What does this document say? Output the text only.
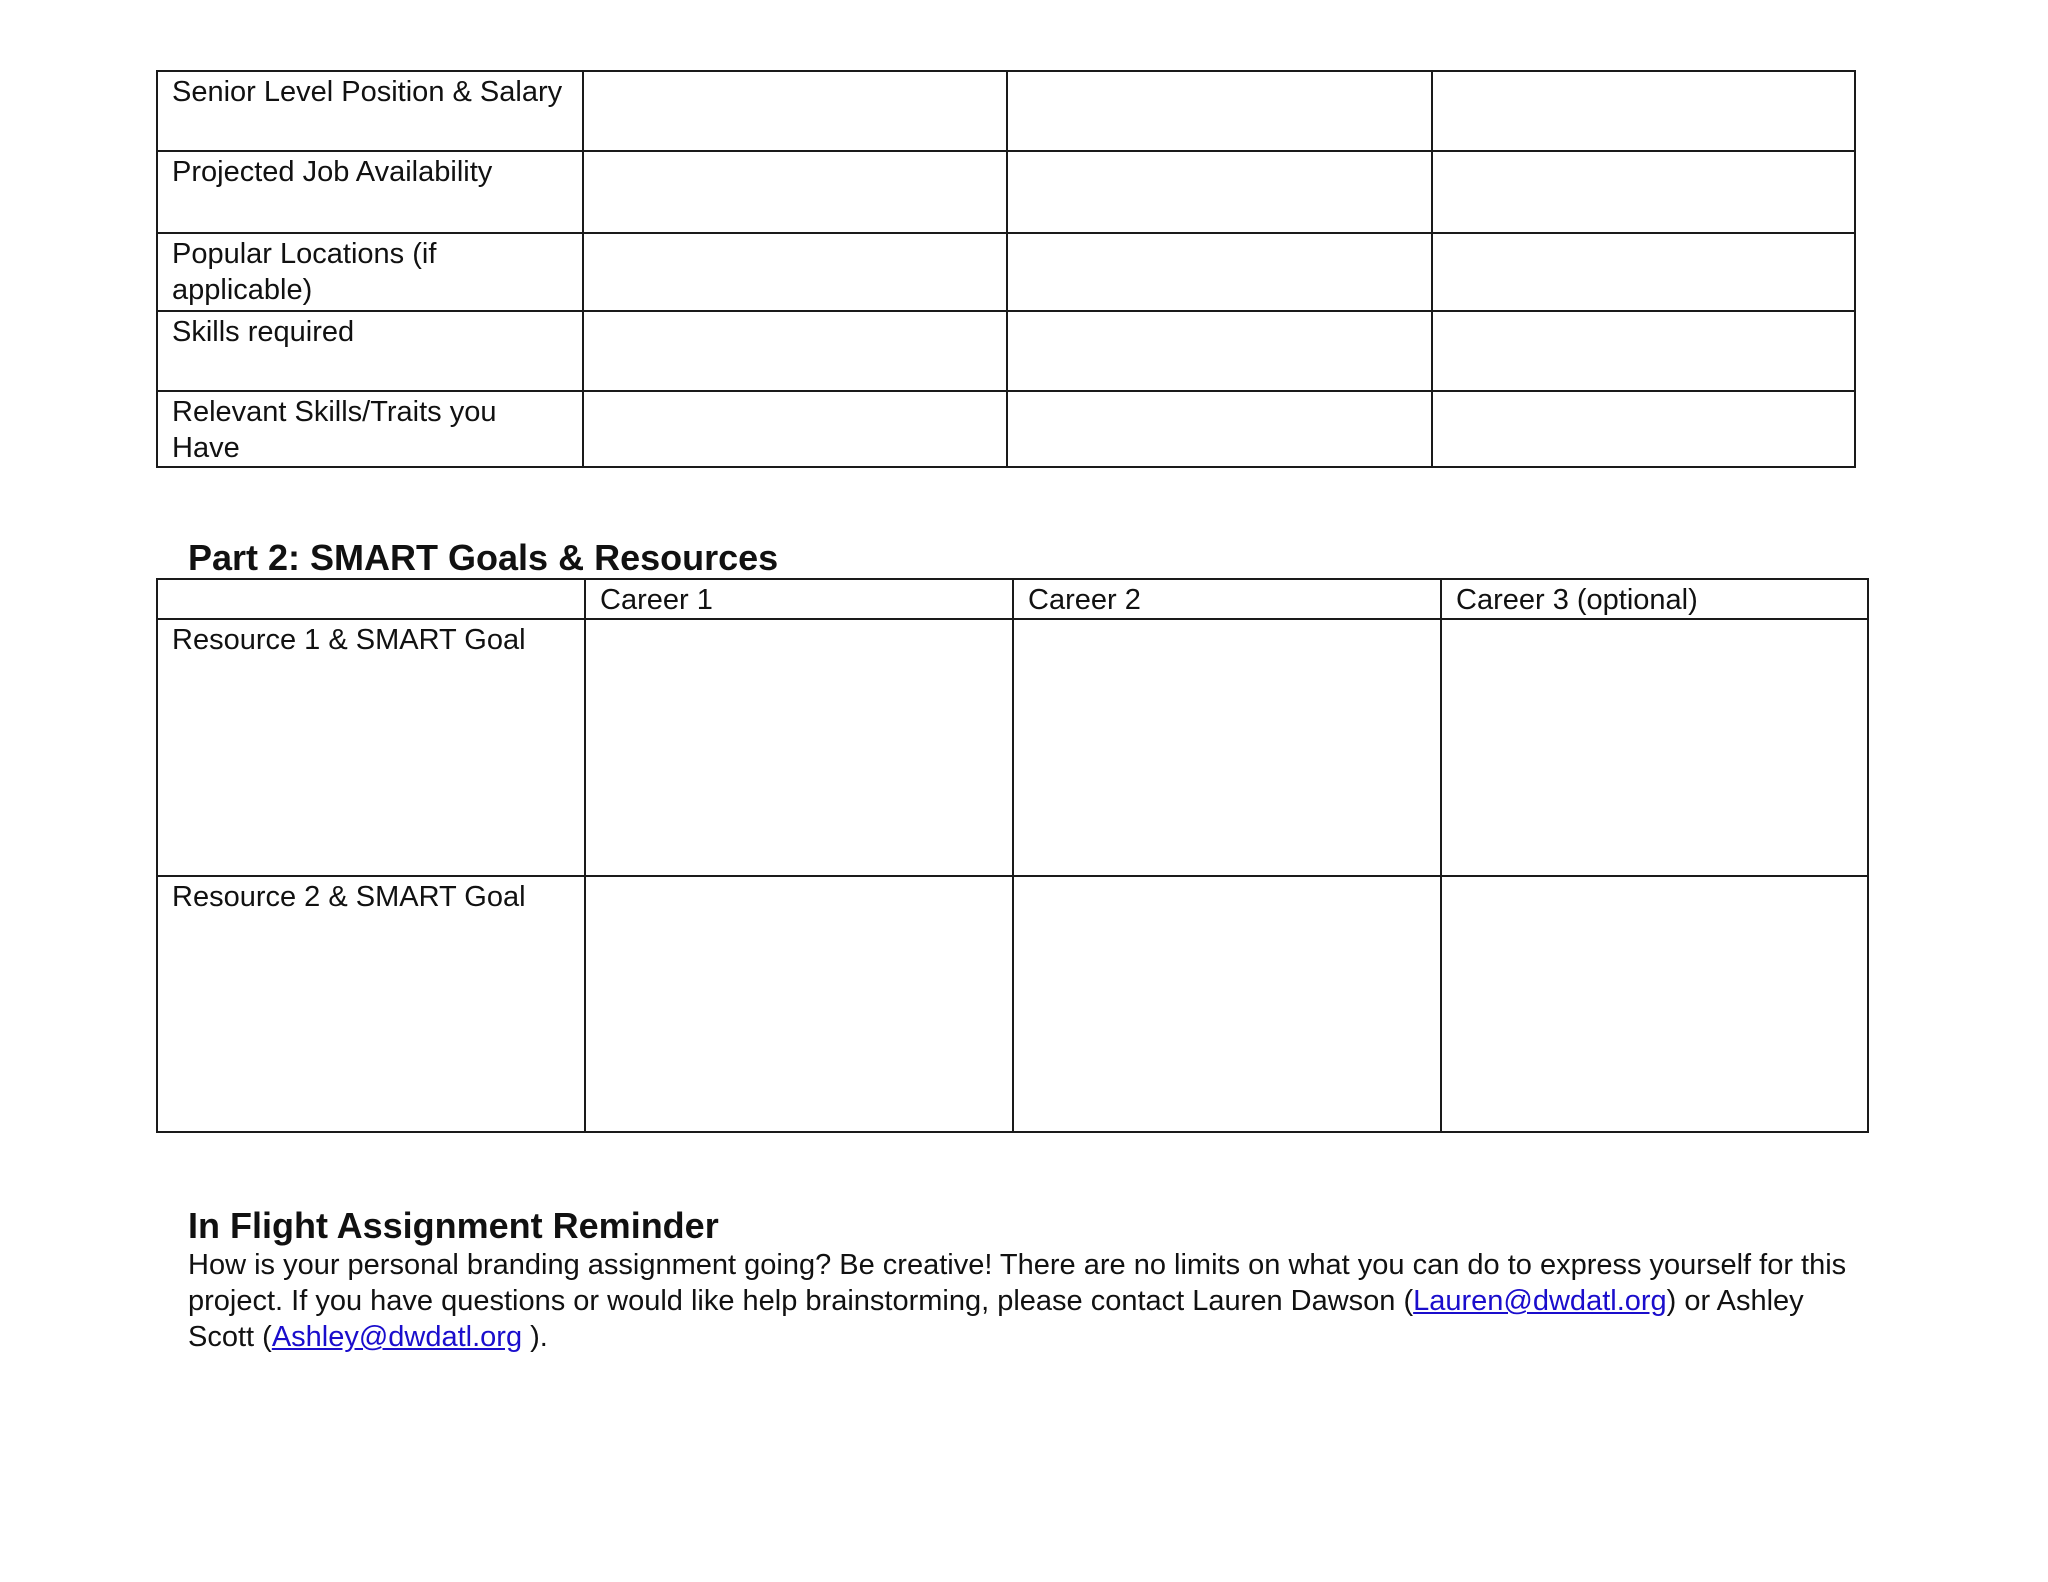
Senior Level Position & Salary			
Projected Job Availability			
Popular Locations (if applicable)			
Skills required			
Relevant Skills/Traits you Have			
Part 2: SMART Goals & Resources
	Career 1	Career 2	Career 3 (optional)
Resource 1 & SMART Goal			
Resource 2 & SMART Goal			
In Flight Assignment Reminder

How is your personal branding assignment going? Be creative! There are no limits on what you can do to express yourself for this project. If you have questions or would like help brainstorming, please contact Lauren Dawson (Lauren@dwdatl.org) or Ashley Scott (Ashley@dwdatl.org ).
